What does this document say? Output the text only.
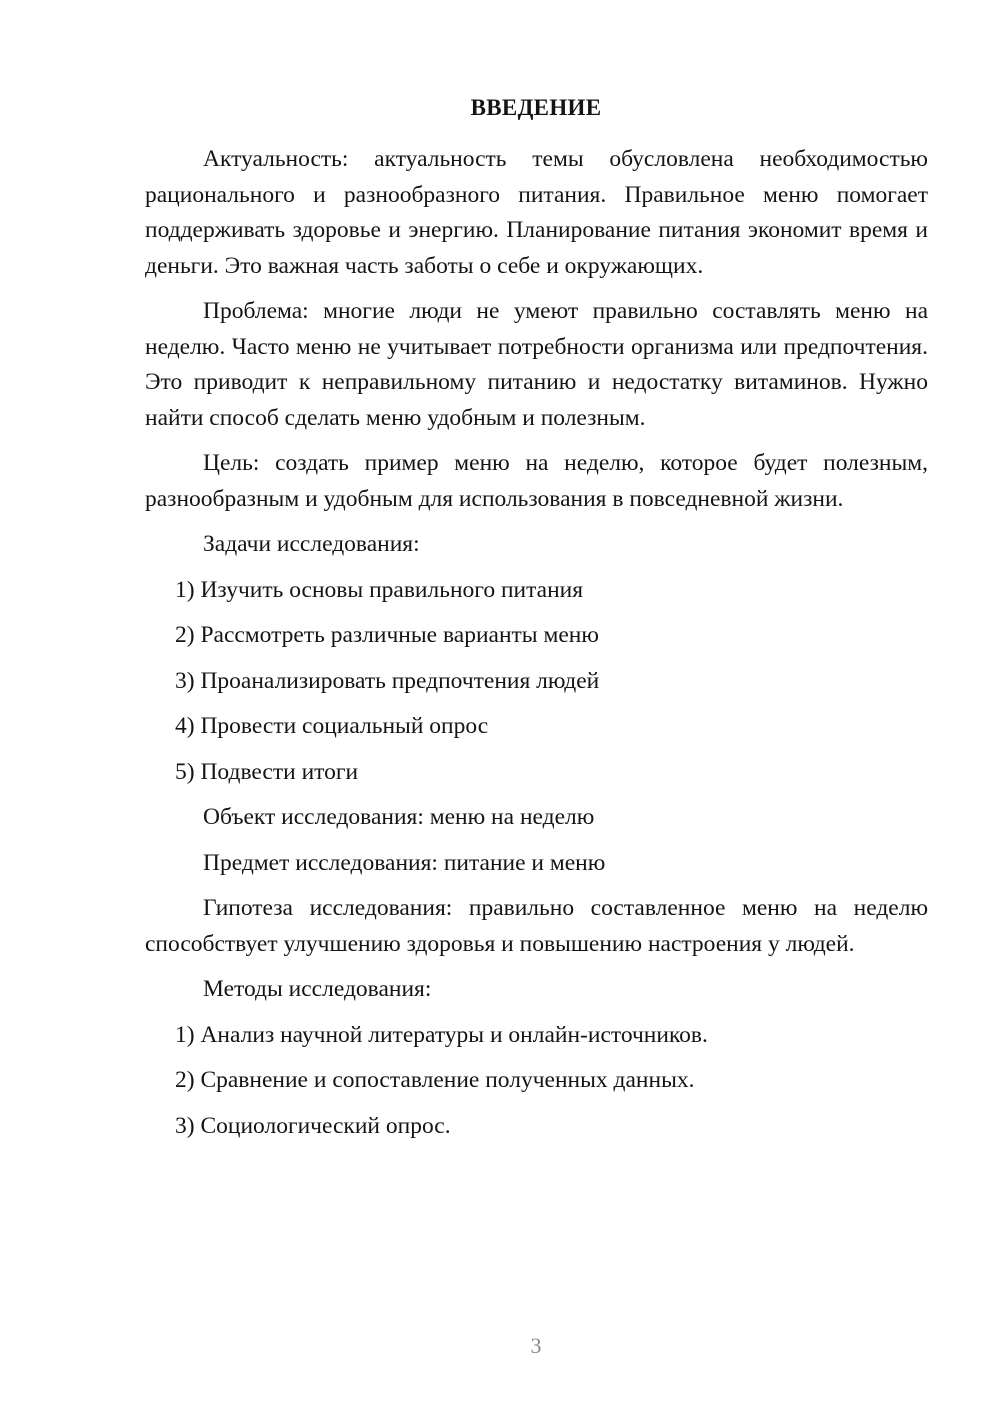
ВВЕДЕНИЕ

Актуальность: актуальность темы обусловлена необходимостью рационального и разнообразного питания. Правильное меню помогает поддерживать здоровье и энергию. Планирование питания экономит время и деньги. Это важная часть заботы о себе и окружающих.

Проблема: многие люди не умеют правильно составлять меню на неделю. Часто меню не учитывает потребности организма или предпочтения. Это приводит к неправильному питанию и недостатку витаминов. Нужно найти способ сделать меню удобным и полезным.

Цель: создать пример меню на неделю, которое будет полезным, разнообразным и удобным для использования в повседневной жизни.

Задачи исследования:

1) Изучить основы правильного питания

2) Рассмотреть различные варианты меню

3) Проанализировать предпочтения людей

4) Провести социальный опрос

5) Подвести итоги

Объект исследования: меню на неделю

Предмет исследования: питание и меню

Гипотеза исследования: правильно составленное меню на неделю способствует улучшению здоровья и повышению настроения у людей.

Методы исследования:

1) Анализ научной литературы и онлайн-источников.

2) Сравнение и сопоставление полученных данных.

3) Социологический опрос.

3
